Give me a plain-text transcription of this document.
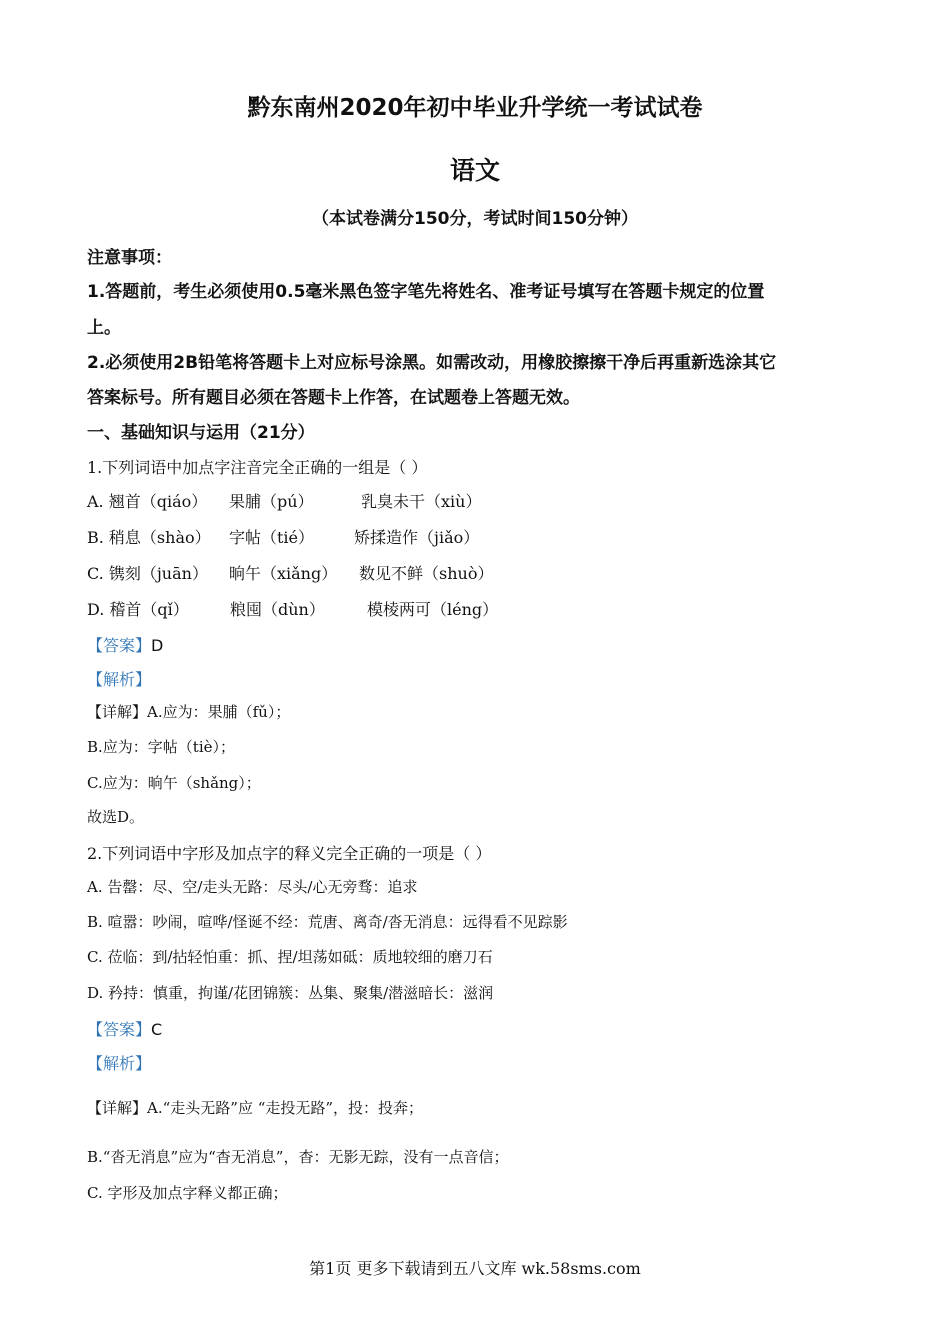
黔东南州2020年初中毕业升学统一考试试卷
语文
（本试卷满分150分，考试时间150分钟）
注意事项：
1.答题前，考生必须使用0.5毫米黑色签字笔先将姓名、准考证号填写在答题卡规定的位置
上。
2.必须使用2B铅笔将答题卡上对应标号涂黑。如需改动，用橡胶擦擦干净后再重新选涂其它
答案标号。所有题目必须在答题卡上作答，在试题卷上答题无效。
一、基础知识与运用（21分）
1.下列词语中加点字注音完全正确的一组是（ ）
A. 翘首（qiáo） 果脯（pú）	乳臭未干（xiù）
B. 稍息（shào） 字帖（tié） 矫揉造作（jiǎo）
C. 镌刻（juān） 晌午（xiǎng） 数见不鲜（shuò）
D. 稽首（qǐ）	粮囤（dùn）	模棱两可（léng）
【答案】D
【解析】
【详解】A.应为：果脯（fǔ）；
B.应为：字帖（tiè）；
C.应为：晌午（shǎng）；
故选D。
2.下列词语中字形及加点字的释义完全正确的一项是（ ）
A. 告罄：尽、空/走头无路：尽头/心无旁骛：追求
B. 喧嚣：吵闹，喧哗/怪诞不经：荒唐、离奇/沓无消息：远得看不见踪影
C. 莅临：到/拈轻怕重：抓、捏/坦荡如砥：质地较细的磨刀石
D. 矜持：慎重，拘谨/花团锦簇：丛集、聚集/潜滋暗长：滋润
【答案】C
【解析】
【详解】A.“走头无路”应 “走投无路”，投：投奔；
B.“沓无消息”应为“杳无消息”，杳：无影无踪，没有一点音信；
C. 字形及加点字释义都正确；
第1页 更多下载请到五八文库 wk.58sms.com
